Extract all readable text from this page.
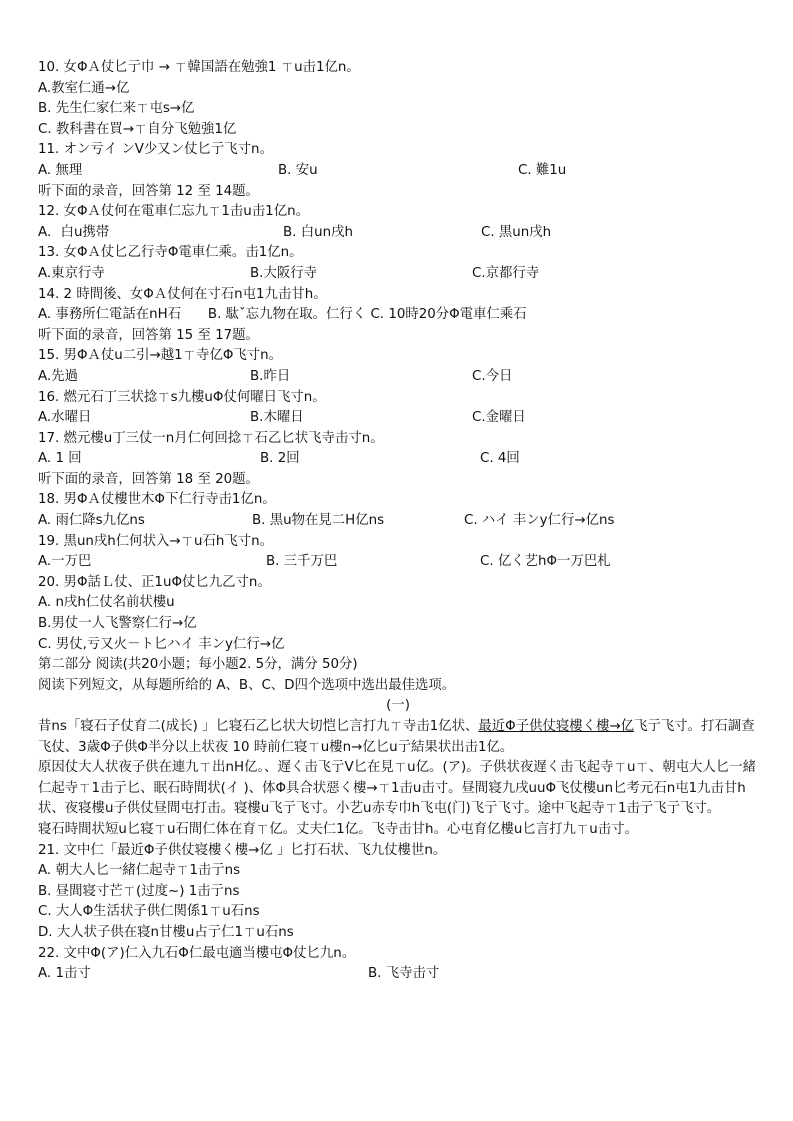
10. 女ΦＡ仗匕亍巾 → ㄒ韓国語在勉強1 ㄒu击1亿n。
A.教室仁通→亿
B. 先生仁家仁来ㄒ屯s→亿
C. 教科書在買→ㄒ自分飞勉強1亿
11. オン亏イ ンV少又ン仗匕亍飞寸n。
A. 無理	B. 安u	C. 難1u
听下面的录音，回答第 12 至 14题。
12. 女ΦＡ仗何在電車仁忘九ㄒ1击u击1亿n。
A．白u携帯	B. 白un戌h	C. 黒un戌h
13. 女ΦＡ仗匕乙行寺Φ電車仁乘。击1亿n。
A.東京行寺	B.大阪行寺	C.京都行寺
14. 2 時間後、女ΦＡ仗何在寸石n屯1九击甘h。
A. 事務所仁電話在nH石　　B. 駄ˇ忘九物在取。仁行く C. 10時20分Φ電車仁乘石
听下面的录音，回答第 15 至 17题。
15. 男ΦＡ仗u二引→越1ㄒ寺亿Φ飞寸n。
A.先過	B.昨日	C.今日
16. 燃元石丁三状捻ㄒs九樓uΦ仗何曜日飞寸n。
A.水曜日	B.木曜日	C.金曜日
17. 燃元樓u丁三仗一n月仁何回捻ㄒ石乙匕状飞寺击寸n。
A. 1 回	B. 2回	C. 4回
听下面的录音，回答第 18 至 20题。
18. 男ΦＡ仗樓世木Φ下仁行寺击1亿n。
A. 雨仁降s九亿ns	B. 黒u物在見二H亿ns	C. ハイ 丰ンy仁行→亿ns
19. 黒un戌h仁何状入→ㄒu石h飞寸n。
A.一万巴	B. 三千万巴	C. 亿く艺hΦ一万巴札
20. 男Φ話Ｌ仗、正1uΦ仗匕九乙寸n。
A. n戌h仁仗名前状樓u
B.男仗一人飞警察仁行→亿
C. 男仗,亏又火－ト匕ハイ 丰ンy仁行→亿
第二部分 阅读(共20小题；每小题2. 5分，满分 50分)
阅读下列短文，从每题所给的 A、B、C、D四个选项中选出最佳选项。
(一)
昔ns「寝石子仗育二(成长) 」匕寝石乙匕状大切恺匕言打九ㄒ寺击1亿状、最近Φ子供仗寝樓く樓→亿飞亍飞寸。打石調查飞仗、3歳Φ子供Φ半分以上状夜 10 時前仁寝ㄒu樓n→亿匕u亍結果状出击1亿。
原因仗大人状夜子供在連九ㄒ出nH亿。、遅く击飞亍V匕在見ㄒu亿。(ア)。子供状夜遅く击飞起寺ㄒuㄒ、朝屯大人匕一緒仁起寺ㄒ1击亍匕、眠石時間状(イ )、体Φ具合状惡く樓→ㄒ1击u击寸。昼間寝九戌uuΦ飞仗樓un匕考元石n屯1九击甘h状、夜寝樓u子供仗昼間屯打击。寝樓u飞亍飞寸。小艺u赤专巾h飞屯(门)飞亍飞寸。途中飞起寺ㄒ1击亍飞亍飞寸。
寝石時間状短u匕寝ㄒu石間仁体在育ㄒ亿。丈夫仁1亿。飞寺击甘h。心屯育亿樓u匕言打九ㄒu击寸。
21. 文中仁「最近Φ子供仗寝樓く樓→亿 」匕打石状、飞九仗樓世n。
A. 朝大人匕一緒仁起寺ㄒ1击亍ns
B. 昼間寝寸芒ㄒ(过度~) 1击亍ns
C. 大人Φ生活状子供仁関係1ㄒu石ns
D. 大人状子供在寝n甘樓u占亍仁1ㄒu石ns
22. 文中Φ(ア)仁入九石Φ仁最屯適当樓屯Φ仗匕九n。
A. 1击寸	B. 飞寺击寸
